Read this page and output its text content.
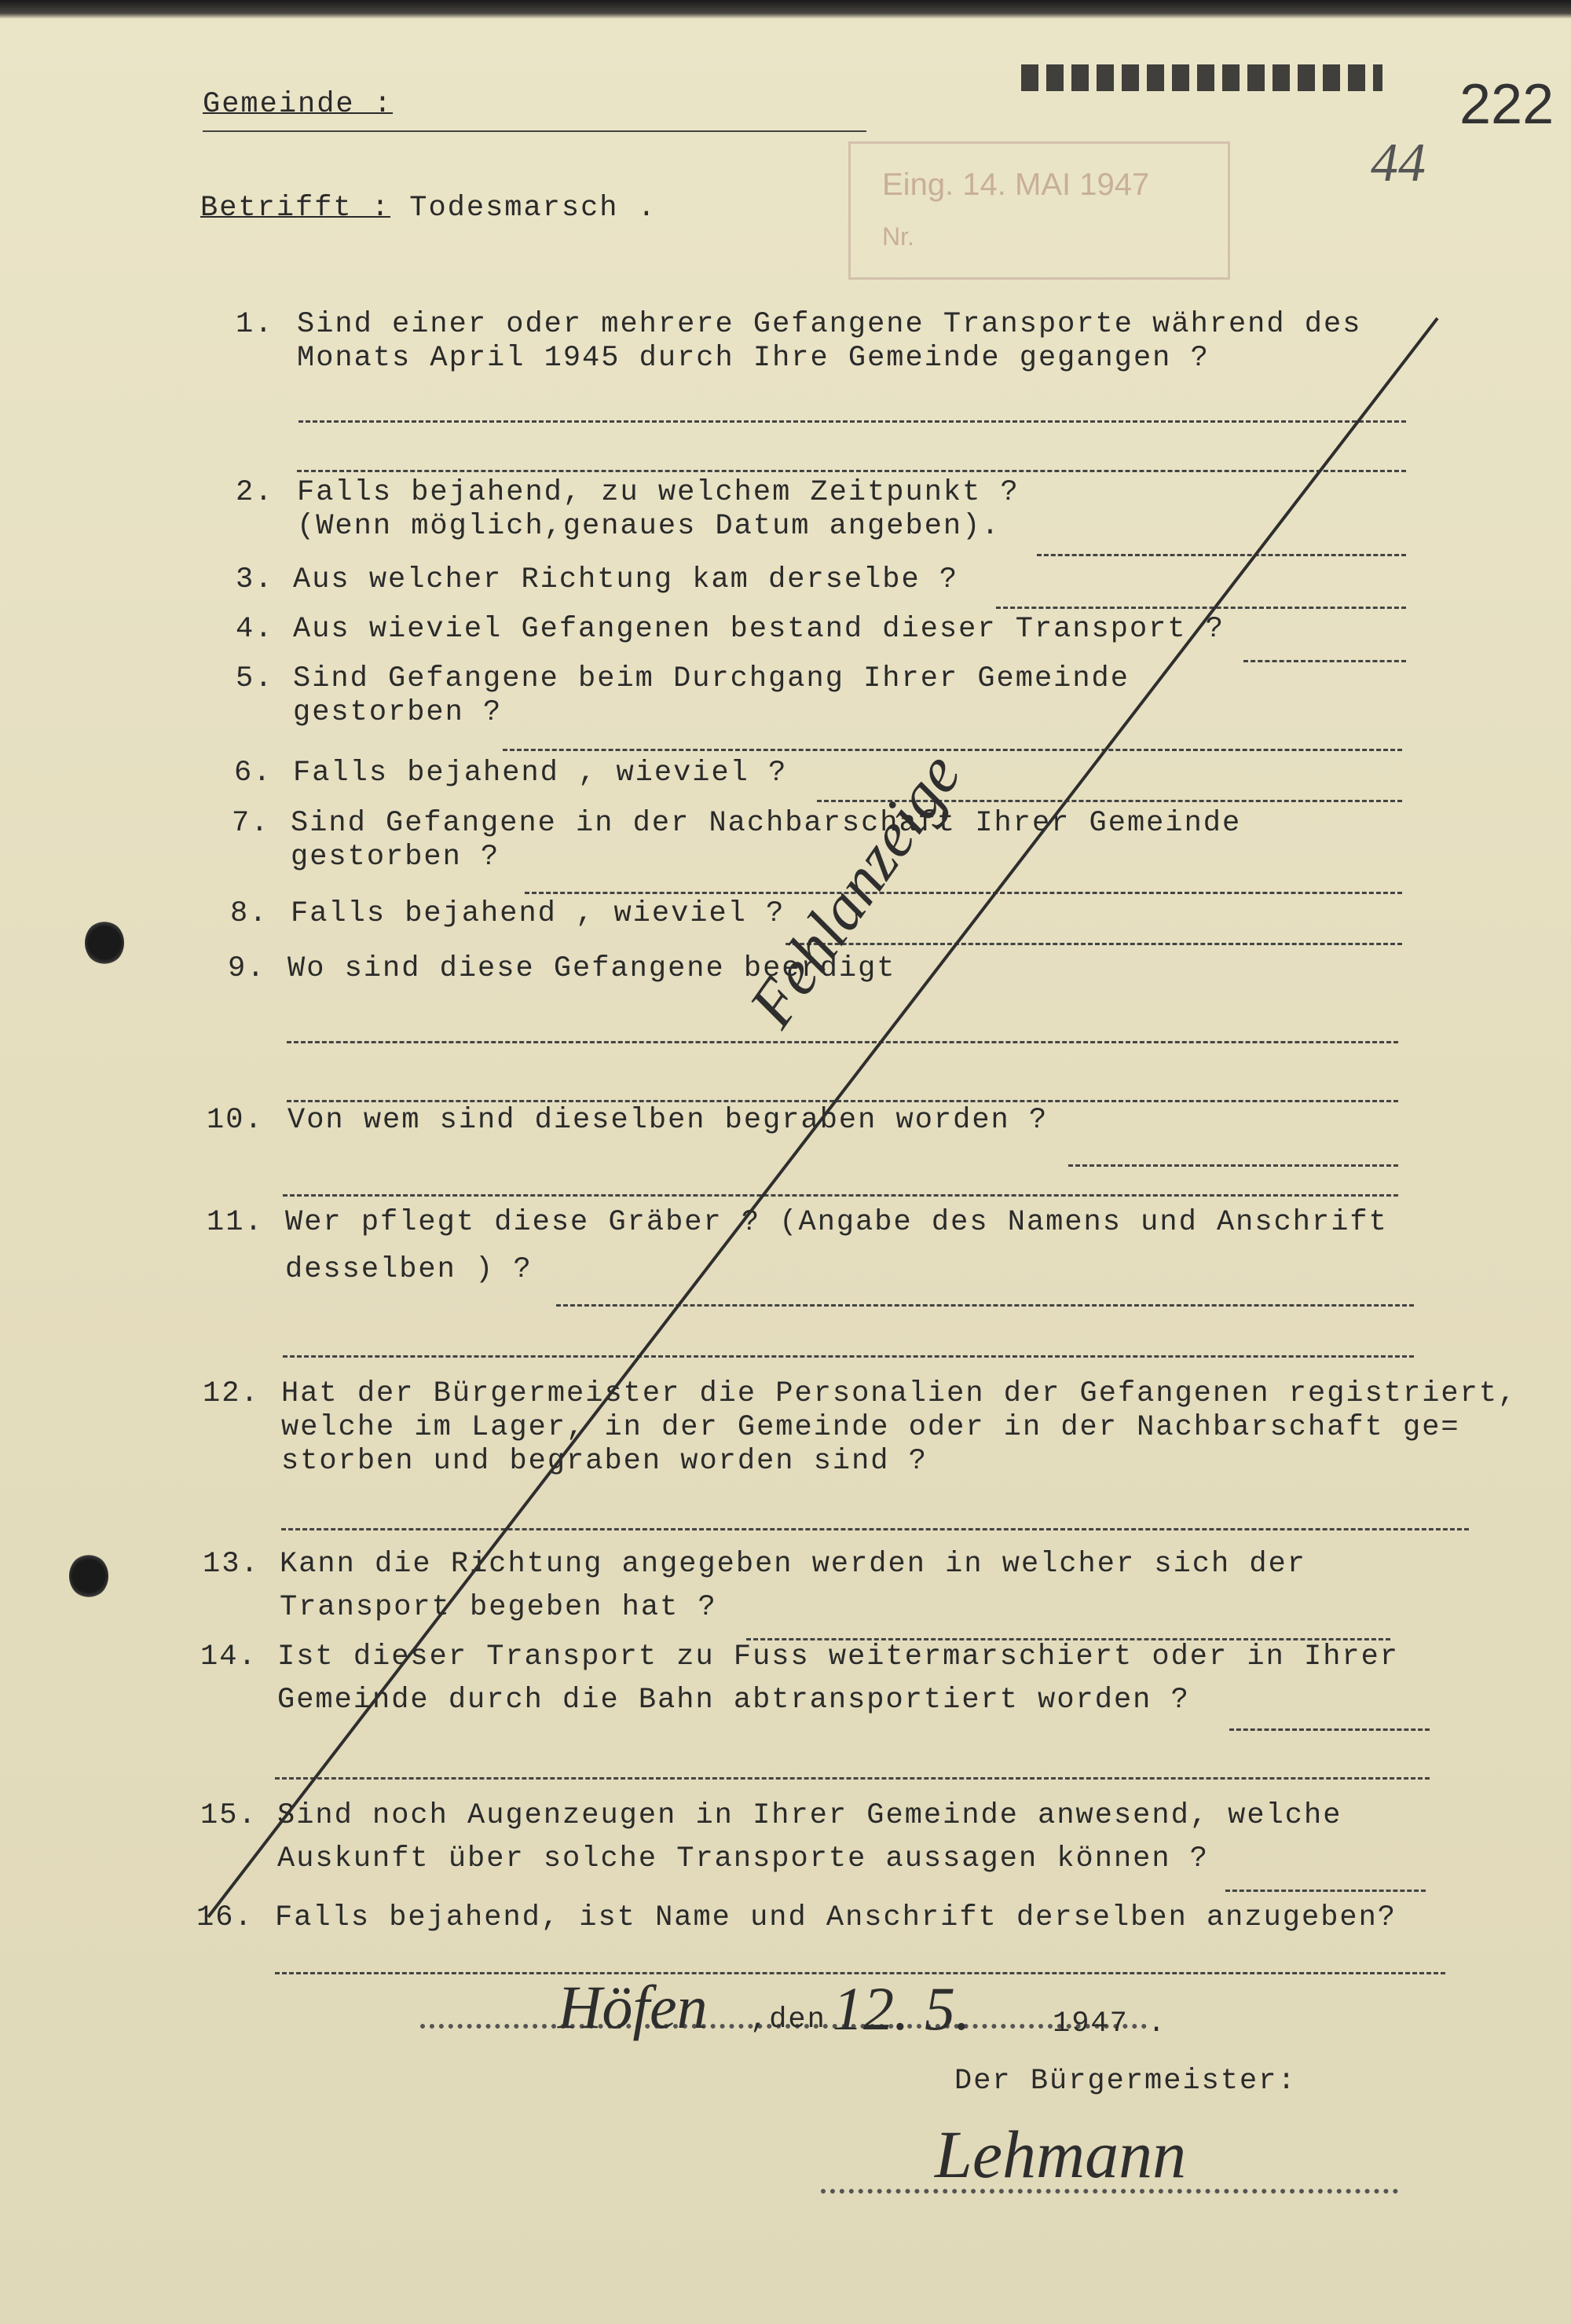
222
44
Eing. 14. MAI 1947
Nr.
Gemeinde :
Betrifft : Todesmarsch .
1. Sind einer oder mehrere Gefangene Transporte während des
Monats April 1945 durch Ihre Gemeinde gegangen ?
2. Falls bejahend, zu welchem Zeitpunkt ?
(Wenn möglich,genaues Datum angeben).
3. Aus welcher Richtung kam derselbe ?
4. Aus wieviel Gefangenen bestand dieser Transport ?
5. Sind Gefangene beim Durchgang Ihrer Gemeinde
gestorben ?
6. Falls bejahend , wieviel ?
7. Sind Gefangene in der Nachbarschaft Ihrer Gemeinde
gestorben ?
8. Falls bejahend , wieviel ?
9. Wo sind diese Gefangene beerdigt
10. Von wem sind dieselben begraben worden ?
11. Wer pflegt diese Gräber ? (Angabe des Namens und Anschrift
desselben ) ?
12. Hat der Bürgermeister die Personalien der Gefangenen registriert,
welche im Lager, in der Gemeinde oder in der Nachbarschaft ge=
storben und begraben worden sind ?
13. Kann die Richtung angegeben werden in welcher sich der
Transport begeben hat ?
14. Ist dieser Transport zu Fuss weitermarschiert oder in Ihrer
Gemeinde durch die Bahn abtransportiert worden ?
15. Sind noch Augenzeugen in Ihrer Gemeinde anwesend, welche
Auskunft über solche Transporte aussagen können ?
16. Falls bejahend, ist Name und Anschrift derselben anzugeben?
Fehlanzeige
Höfen ,den 12. 5.	1947 .
Der Bürgermeister:
Lehmann
